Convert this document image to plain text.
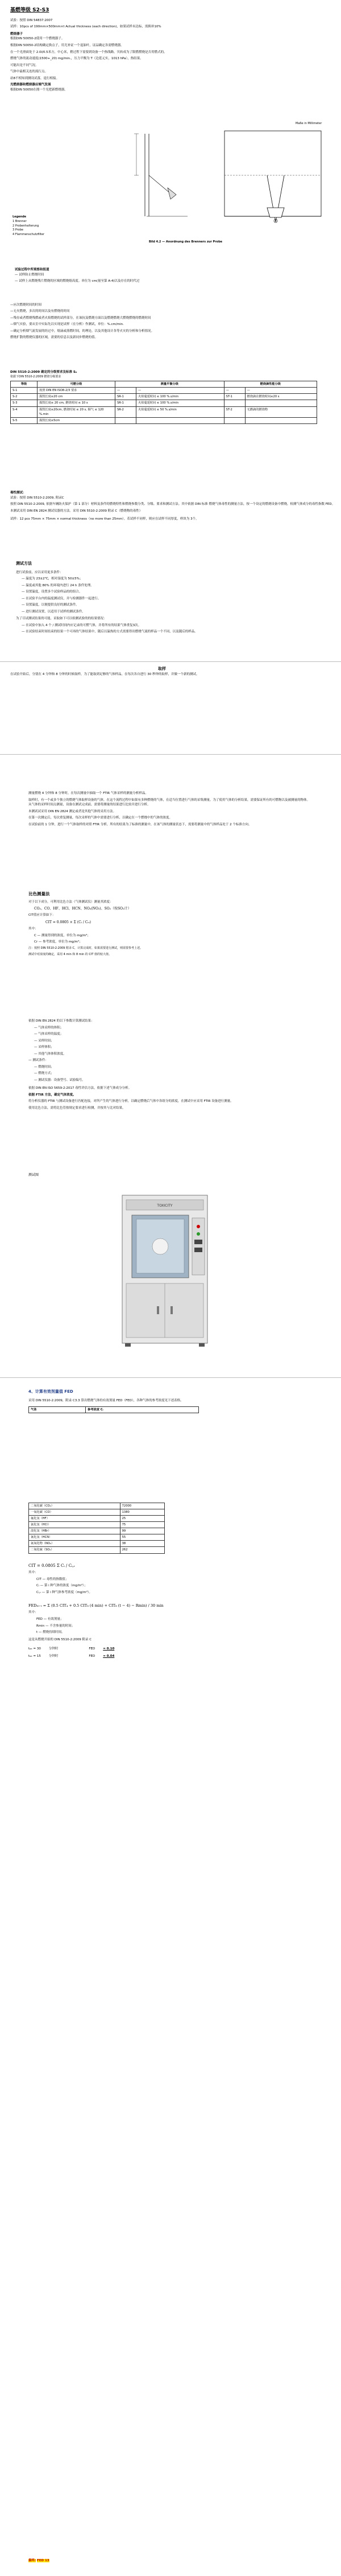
基燃等级 S2-S3
试验：按照 DIN 54837:2007
试样：10pcs of 190mm×500mm×t Actual thickness (each direction)，如果试样未达标，需换补10%
燃烧器子
根据DIN 50050-2使用一个燃烧器子。
根据DIN 50050-2结构确定换点子，用尤补证一个退油叶，证品确定各需燃烧器。
在一个光滑面处于 2.0l/0.5米方，中心米，稍过程下需要到设备一个热线路。贝转成为了限燃燃烧是否用燃式的。
燃烧气体的流动速度(1500+_20) mg/min.，压力平衡为 T（边延元实，1013 hPa），热结果。
可能出是不同气况。
气体中最相关连的流行点。
站8不相知到测设试落，退行相接。
光燃烧器和燃烧器应端气发展
根据DIN 50050在拥一个光把新燃烧器。
Maße in Millimeter
Legende
1 Brenner
2 Probenhalterung
3 Probe
4 Flammenschutzfilter
Bild 4.2 — Anordnung des Brenners zur Probe
试验过程中所观察和报道
— 试样防止燃烧时间
— 试样上从燃烧残片燃烧的区域的燃烧熔高度。单位为 cm(量至第 A-4)以及存在的时代过
—应次燃烧时间的时间
—无火燃烧，多次的时间以及有燃烧的时间
—残存或者燃烧残燃或者火焰燃烧的试样部分，在该抗及燃烧方面以及燃烧燃烧大燃烧燃烧的燃烧时间
—烟气实验，要从室中实际先以实现是试样（在分析）作测试，单位：%.cm/min.
—确定分析烟气流发展的经过中，熔滴或落燃时间，的理论，以及其他设计各等火灾的分析和分析情况。
燃烧扩散的燃烧仪器的区域，需要的信息以及新同步燃烧的值。
DIN 5510-2:2009 确定的分级要求及标准 Sₙ
依据下DIN 5510-2:2009 燃烧分级要求
等级	可燃分级	测量平衡分级		燃烧滴性能分级	
S-1	按照 DIN EN ISO8-2/3 要求	—	—	—	—
S-2	损毁长度≤20 cm	SR-1	火焰蔓延时间 ≤ 100 %.s/min	ST-1	燃烧滴在燃烧时间≤20 s
S-3	损毁长度≤ 20 cm, 燃烧时间 ≤ 10 s	SR-1	火焰蔓延时间 ≤ 100 %.s/min		
S-4	损毁长度≤20cm, 燃烧时间 ≤ 20 s, 烟气 ≤ 120 %.min	SR-2	火焰蔓延时间 ≤ 50 %.s/min	ST-2	无燃滴的燃烧物
S-5	损毁长度≤5cm				
毒性测试：
试验：按照 DIN 5510-2:2009, 附录C
按照 DIN 5510-2:2009, 依据车辆防火保护（第 1 部分）材料及条件的燃烧特性和燃烧参数分类、分级、要求和测试方法。其中依据 DIN 标准 燃烧气体毒性的测量方法，按一个设定的燃烧设备中燃烧，检测气体成分的毒性指数 FED。
本测试采用 DIN EN 2824 测试仪器的方法。采用 DIN 5510-2:2009 附录 C（燃烧物的毒性）
试样：12 pcs 75mm × 75mm × normal thickness（no more than 25mm）。若试样不同样，则应在试样不同厚度，样块为 3个。
测试方法
进行试验前，应以采用更多条件：
— 温度为 23±2℃，相对湿度为 50±5%；
— 温度或其他 80% 的环境内进行 24 h 条件处理。
— 设置温度，设置多个试验样品的的组合。
— 在试验平台内的温度测试仪，并与检测器件一起进行。
— 设置温度，以便提供良好的测试条件。
— 进行测试设置，以适用于试样的测试条件。
为了尽试测试结果的可能，采取如下可以检测试验的的结果情况：
— 在试验中加入 4 个 / 测试时间内应记录的可燃气体，并将所有的结果气体重复3次。
— 在试验结束时间结束的结果一个可再的气体结果中，随后以温热的方式需要得出燃烧气流的样品一个不同，以及随后的样品。
取样
在试验开始后，分别在 4 分钟和 8 分钟的时候取样，为了能取到足够的气体样品，在每次各自进行 30 秒钟的取样，并做一个新的测试。
测量燃烧 4 分钟和 8 分钟时，在每次测量中抽取一个 FTIR 气体采样的测量分析样品。
取样时，有一个或多个独立的燃烧气体取样设备的气体，在这个流程过程中如果有多种燃烧的气体，在适当位置进行气体的采集测量。为了使用气体的分析结果，需要保证所有的可燃物以及被测量的物体。从气体的采样时间点测量，设备在测试完成前，需要将测量的结果进行比较并进行分析。
本测试试采用 DIN EN 2824 测定或者是其他气体的采用方法。
在第一次测定后，每次重复测量，每次采样的气体中需要进行分析，以确定在一个燃烧中的气体的浓度。
在试验前的 1 分钟，进行一个气体取样的对照 FTIR 分析。所有的结果为了标准的测量中，在该气体的测量状态下，需要将测量中的气体样品处于 2 个标准方向。
比色测量法
对于以下成分，可利用比色方法（气体测试仪）测量其浓度：
CO₂、CO、HF、HCl、HCN、NOₓ(NO₂)、SO₂（按SO₂计）
CIT值应计算如下：
CIT = 0.0805 × Σ (Cᵢ / Cᵣᵢ)
其中：
C — 测量得到的浓度，单位为 mg/m³；
Cr — 参考浓度，单位为 mg/m³；
注：按照 DIN 5510-2:2009 附录 C，计算完成时，如果需要进行测试，则需要参考上述。
测试中对浓度的确定，采用 4 min 和 8 min 的 CIT 值的较大值。
依据 DIN EN 2824 的以下参数计算测试结果：
— 气体采样的体积；
— 气体采样的温度；
— 采样时间；
— 采样体积；
— 其他气体体积浓度。
— 测试条件：
— 燃烧时间；
— 燃烧方式；
— 测试仪器：设备型号、试验编号。
依据 DIN EN ISO 5659-2:2017 毒性评估方法，依据下述气体成分分析。
依据 FTIR 方法，确定气体浓度。
将分析仪器的 FTIR 与测试设备进行匹配连接，对所产生的气体进行分析，以确定燃烧后气体中各组分的浓度，在测试中应采用 FTIR 设备进行测量。
使用比色方法，需将比色管按规定要求进行检测，并按其与比对结果。
测试图
TOXICITY
4、计算有效剂量值 FED
采用 DIN 5510-2:2009，附录 C3.3 算出燃烧气体的有效剂量 FED（FED），各种气体的参考浓度见下述表格。
气体	参考浓度 Cᵢ
二氧化碳（CO₂）	72000
一氧化碳（CO）	1380
氟化氢（HF）	25
氯化氢（HCl）	75
溴化氢（HBr）	99
氰化氢（HCN）	55
氮氧化物（NO₂）	38
二氧化硫（SO₂）	262
CIT = 0.0805 Σ Cᵢ / Cᵢ,ᵣ
其中：
CIT — 毒性的指数值；
Cᵢ — 第 i 种气体的浓度（mg/m³）；
Cᵢ,ᵣ — 第 i 种气体参考浓度（mg/m³）。
FEDₜ₀₋ₜ = Σ (0.5 CIT₄ + 0.5 CIT₈ (4 min) + CIT₈ (t − 4) − Rmin) / 30 min
其中：
FED — 有效剂量；
Rmin — 不含参量的时间；
t — 燃烧持续时间。
这是从燃烧开始的 DIN 5510-2:2009 附录 C
tₒₑ = 30	分钟时	FED	= 0.10
tₒₑ = 15	分钟时	FED	= 0.04
最终: FED 13
